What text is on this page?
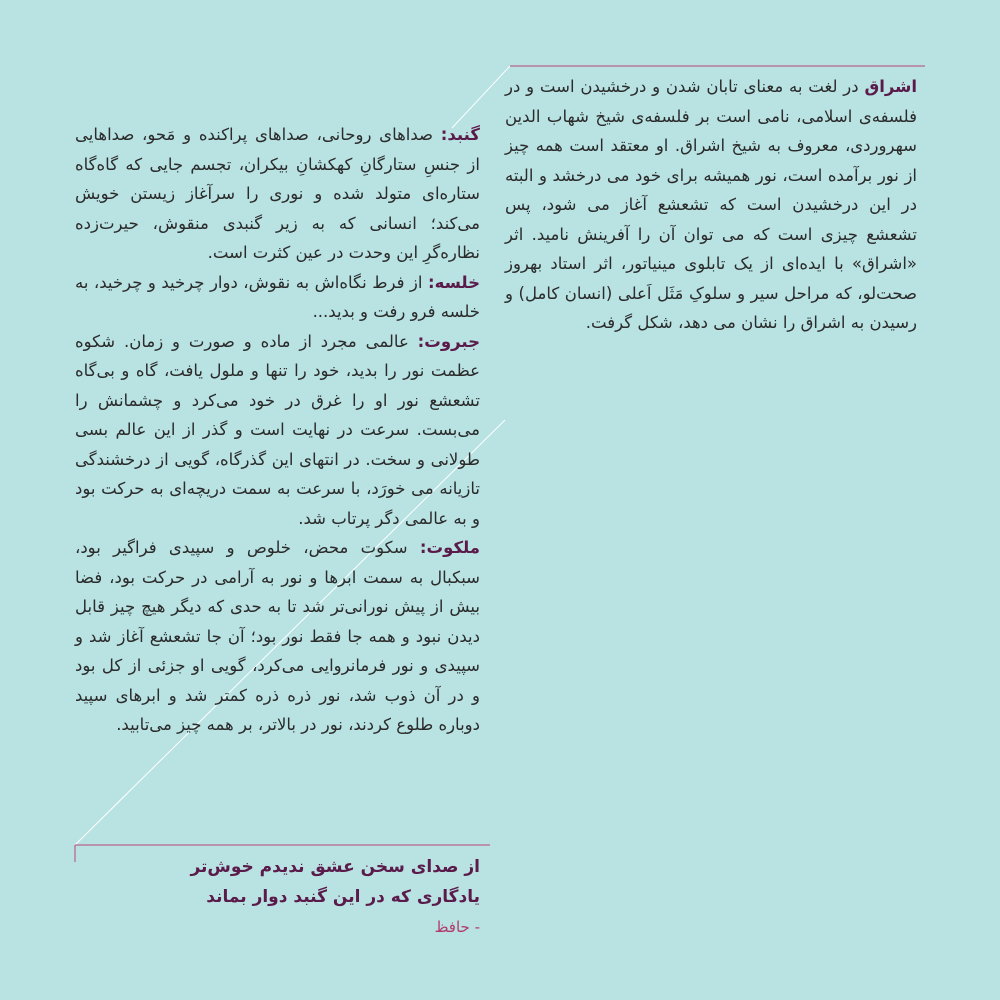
اشراق در لغت به معنای تابان شدن و درخشیدن است و در فلسفه‌ی اسلامی، نامی است بر فلسفه‌ی شیخ شهاب الدین سهروردی، معروف به شیخ اشراق. او معتقد است همه چیز از نور برآمده است، نور همیشه برای خود می درخشد و البته در این درخشیدن است که تشعشع آغاز می شود، پس تشعشع چیزی است که می توان آن را آفرینش نامید. اثر «اشراق» با ایده‌ای از یک تابلوی مینیاتور، اثر استاد بهروز صحت‌لو، که مراحل سیر و سلوکِ مَثَل اَعلی (انسان کامل) و رسیدن به اشراق را نشان می دهد، شکل گرفت.

گنبد: صداهای روحانی، صداهای پراکنده و مَحو، صداهایی از جنسِ ستارگانِ کهکشانِ بیکران، تجسم جایی که گاه‌گاه ستاره‌ای متولد شده و نوری را سرآغاز زیستن خویش می‌کند؛ انسانی که به زیر گنبدی منقوش، حیرت‌زده نظاره‌گرِ این وحدت در عین کثرت است.

خلسه: از فرط نگاه‌اش به نقوش، دوار چرخید و چرخید، به خلسه فرو رفت و بدید...

جبروت: عالمی مجرد از ماده و صورت و زمان. شکوه عظمت نور را بدید، خود را تنها و ملول یافت، گاه و بی‌گاه تشعشع نور او را غرق در خود می‌کرد و چشمانش را می‌بست. سرعت در نهایت است و گذر از این عالم بسی طولانی و سخت. در انتهای این گذرگاه، گویی از درخشندگی تازیانه می خورَد، با سرعت به سمت دریچه‌ای به حرکت بود و به عالمی دگر پرتاب شد.

ملکوت: سکوت محض، خلوص و سپیدی فراگیر بود، سبکبال به سمت ابرها و نور به آرامی در حرکت بود، فضا بیش از پیش نورانی‌تر شد تا به حدی که دیگر هیچ چیز قابل دیدن نبود و همه جا فقط نور بود؛ آن جا تشعشع آغاز شد و سپیدی و نور فرمانروایی می‌کرد، گویی او جزئی از کل بود و در آن ذوب شد، نور ذره ذره کمتر شد و ابرهای سپید دوباره طلوع کردند، نور در بالاتر، بر همه چیز می‌تابید.

از صدای سخن عشق ندیدم خوش‌تر

یادگاری که در این گنبد دوار بماند

- حافظ
